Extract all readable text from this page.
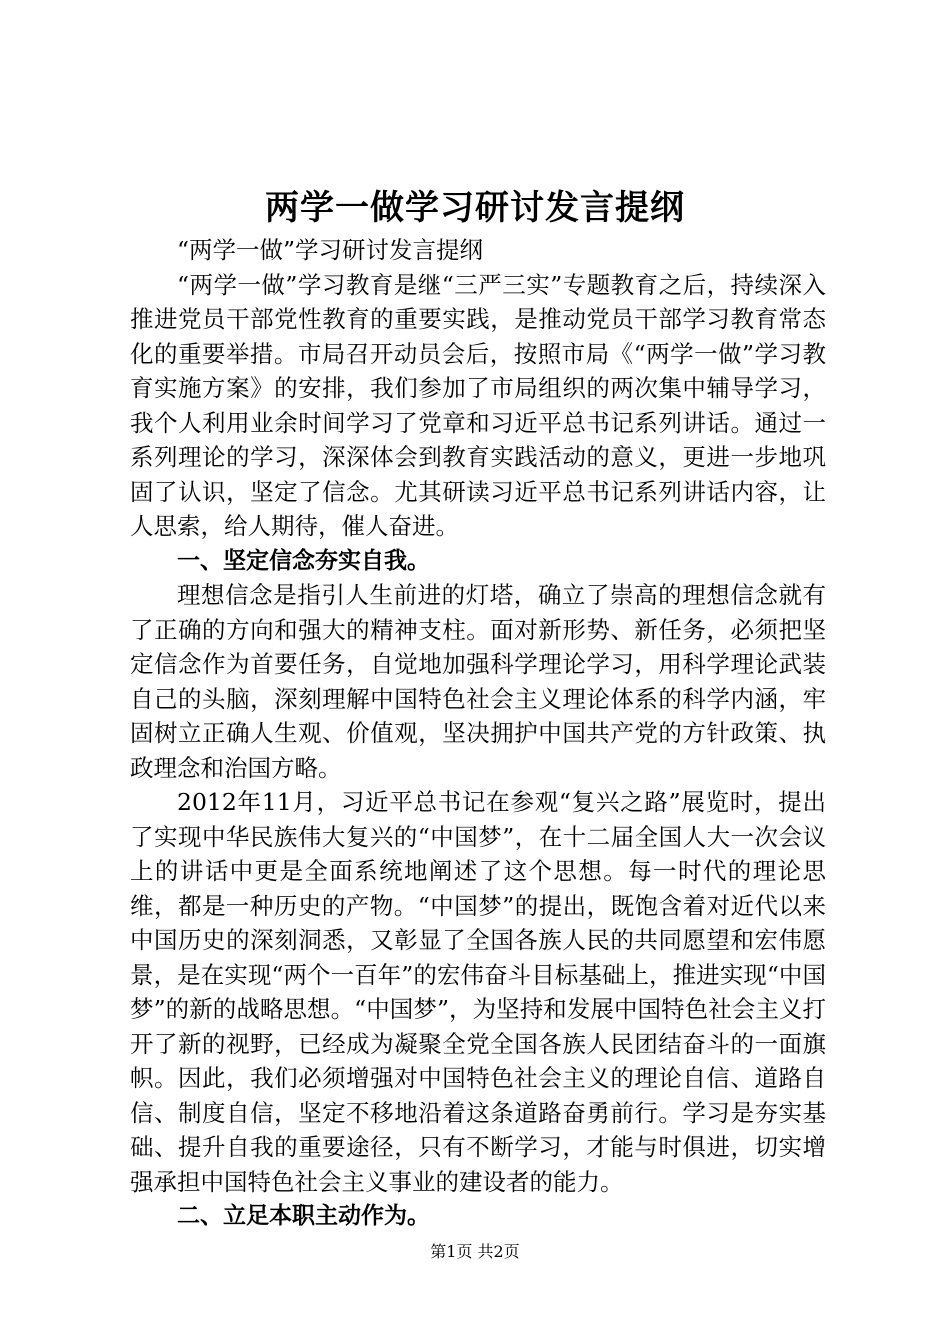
两学一做学习研讨发言提纲

“两学一做”学习研讨发言提纲

“两学一做”学习教育是继“三严三实”专题教育之后，持续深入推进党员干部党性教育的重要实践，是推动党员干部学习教育常态化的重要举措。市局召开动员会后，按照市局《“两学一做”学习教育实施方案》的安排，我们参加了市局组织的两次集中辅导学习，我个人利用业余时间学习了党章和习近平总书记系列讲话。通过一系列理论的学习，深深体会到教育实践活动的意义，更进一步地巩固了认识，坚定了信念。尤其研读习近平总书记系列讲话内容，让人思索，给人期待，催人奋进。

一、坚定信念夯实自我。

理想信念是指引人生前进的灯塔，确立了崇高的理想信念就有了正确的方向和强大的精神支柱。面对新形势、新任务，必须把坚定信念作为首要任务，自觉地加强科学理论学习，用科学理论武装自己的头脑，深刻理解中国特色社会主义理论体系的科学内涵，牢固树立正确人生观、价值观，坚决拥护中国共产党的方针政策、执政理念和治国方略。

2012年11月，习近平总书记在参观“复兴之路”展览时，提出了实现中华民族伟大复兴的“中国梦”，在十二届全国人大一次会议上的讲话中更是全面系统地阐述了这个思想。每一时代的理论思维，都是一种历史的产物。“中国梦”的提出，既饱含着对近代以来中国历史的深刻洞悉，又彰显了全国各族人民的共同愿望和宏伟愿景，是在实现“两个一百年”的宏伟奋斗目标基础上，推进实现“中国梦”的新的战略思想。“中国梦”，为坚持和发展中国特色社会主义打开了新的视野，已经成为凝聚全党全国各族人民团结奋斗的一面旗帜。因此，我们必须增强对中国特色社会主义的理论自信、道路自信、制度自信，坚定不移地沿着这条道路奋勇前行。学习是夯实基础、提升自我的重要途径，只有不断学习，才能与时俱进，切实增强承担中国特色社会主义事业的建设者的能力。

二、立足本职主动作为。

第1页 共2页
